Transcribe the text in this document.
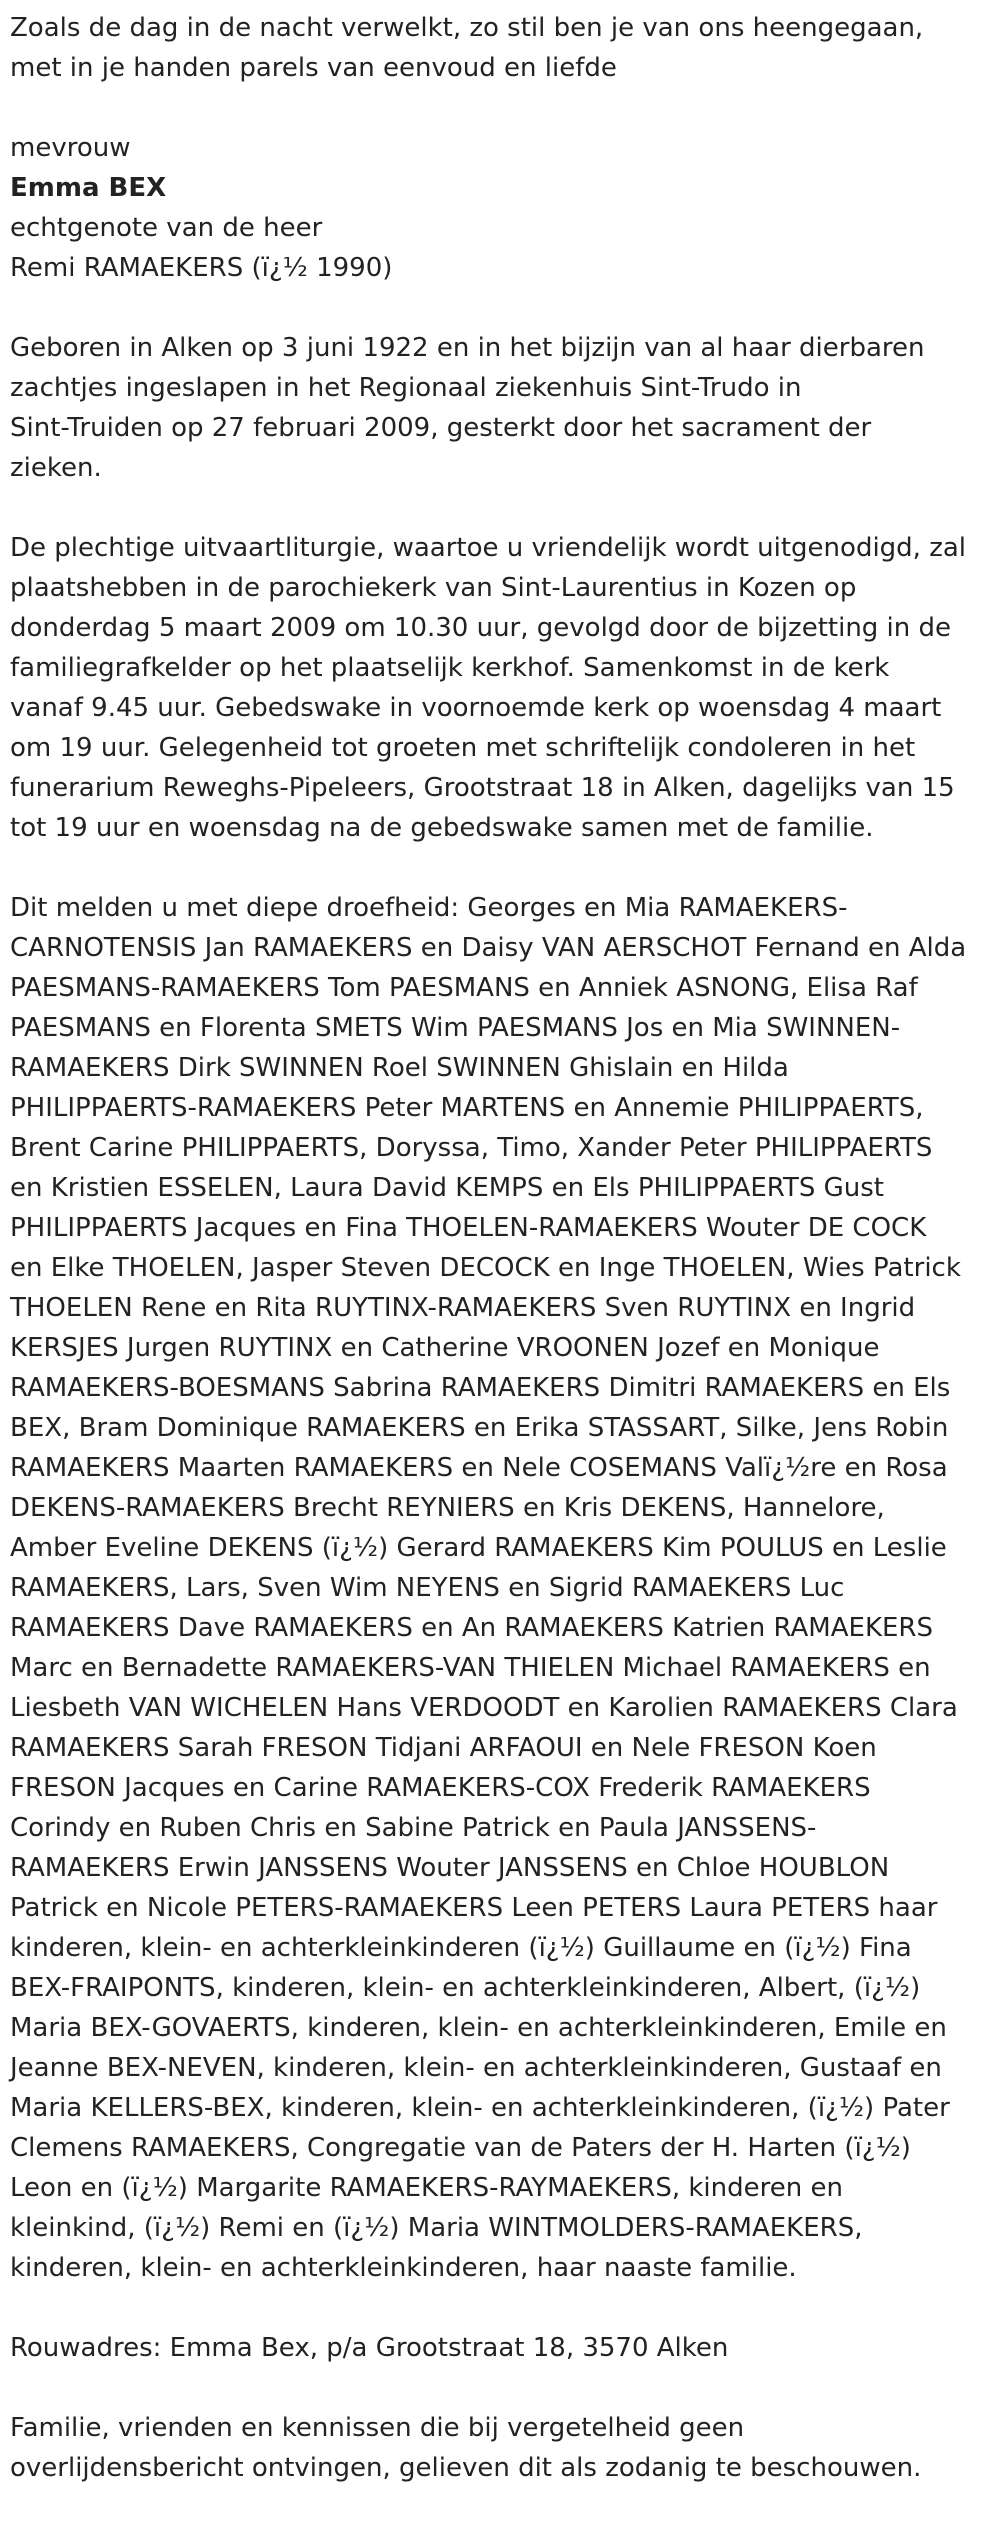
Zoals de dag in de nacht verwelkt, zo stil ben je van ons heengegaan,
met in je handen parels van eenvoud en liefde

mevrouw
Emma BEX
echtgenote van de heer
Remi RAMAEKERS (ï¿½ 1990)

Geboren in Alken op 3 juni 1922 en in het bijzijn van al haar dierbaren
zachtjes ingeslapen in het Regionaal ziekenhuis Sint-Trudo in
Sint-Truiden op 27 februari 2009, gesterkt door het sacrament der
zieken.

De plechtige uitvaartliturgie, waartoe u vriendelijk wordt uitgenodigd, zal
plaatshebben in de parochiekerk van Sint-Laurentius in Kozen op
donderdag 5 maart 2009 om 10.30 uur, gevolgd door de bijzetting in de
familiegrafkelder op het plaatselijk kerkhof. Samenkomst in de kerk
vanaf 9.45 uur. Gebedswake in voornoemde kerk op woensdag 4 maart
om 19 uur. Gelegenheid tot groeten met schriftelijk condoleren in het
funerarium Reweghs-Pipeleers, Grootstraat 18 in Alken, dagelijks van 15
tot 19 uur en woensdag na de gebedswake samen met de familie.

Dit melden u met diepe droefheid: Georges en Mia RAMAEKERS-
CARNOTENSIS Jan RAMAEKERS en Daisy VAN AERSCHOT Fernand en Alda
PAESMANS-RAMAEKERS Tom PAESMANS en Anniek ASNONG, Elisa Raf
PAESMANS en Florenta SMETS Wim PAESMANS Jos en Mia SWINNEN-
RAMAEKERS Dirk SWINNEN Roel SWINNEN Ghislain en Hilda
PHILIPPAERTS-RAMAEKERS Peter MARTENS en Annemie PHILIPPAERTS,
Brent Carine PHILIPPAERTS, Doryssa, Timo, Xander Peter PHILIPPAERTS
en Kristien ESSELEN, Laura David KEMPS en Els PHILIPPAERTS Gust
PHILIPPAERTS Jacques en Fina THOELEN-RAMAEKERS Wouter DE COCK
en Elke THOELEN, Jasper Steven DECOCK en Inge THOELEN, Wies Patrick
THOELEN Rene en Rita RUYTINX-RAMAEKERS Sven RUYTINX en Ingrid
KERSJES Jurgen RUYTINX en Catherine VROONEN Jozef en Monique
RAMAEKERS-BOESMANS Sabrina RAMAEKERS Dimitri RAMAEKERS en Els
BEX, Bram Dominique RAMAEKERS en Erika STASSART, Silke, Jens Robin
RAMAEKERS Maarten RAMAEKERS en Nele COSEMANS Valï¿½re en Rosa
DEKENS-RAMAEKERS Brecht REYNIERS en Kris DEKENS, Hannelore,
Amber Eveline DEKENS (ï¿½) Gerard RAMAEKERS Kim POULUS en Leslie
RAMAEKERS, Lars, Sven Wim NEYENS en Sigrid RAMAEKERS Luc
RAMAEKERS Dave RAMAEKERS en An RAMAEKERS Katrien RAMAEKERS
Marc en Bernadette RAMAEKERS-VAN THIELEN Michael RAMAEKERS en
Liesbeth VAN WICHELEN Hans VERDOODT en Karolien RAMAEKERS Clara
RAMAEKERS Sarah FRESON Tidjani ARFAOUI en Nele FRESON Koen
FRESON Jacques en Carine RAMAEKERS-COX Frederik RAMAEKERS
Corindy en Ruben Chris en Sabine Patrick en Paula JANSSENS-
RAMAEKERS Erwin JANSSENS Wouter JANSSENS en Chloe HOUBLON
Patrick en Nicole PETERS-RAMAEKERS Leen PETERS Laura PETERS haar
kinderen, klein- en achterkleinkinderen (ï¿½) Guillaume en (ï¿½) Fina
BEX-FRAIPONTS, kinderen, klein- en achterkleinkinderen, Albert, (ï¿½)
Maria BEX-GOVAERTS, kinderen, klein- en achterkleinkinderen, Emile en
Jeanne BEX-NEVEN, kinderen, klein- en achterkleinkinderen, Gustaaf en
Maria KELLERS-BEX, kinderen, klein- en achterkleinkinderen, (ï¿½) Pater
Clemens RAMAEKERS, Congregatie van de Paters der H. Harten (ï¿½)
Leon en (ï¿½) Margarite RAMAEKERS-RAYMAEKERS, kinderen en
kleinkind, (ï¿½) Remi en (ï¿½) Maria WINTMOLDERS-RAMAEKERS,
kinderen, klein- en achterkleinkinderen, haar naaste familie.

Rouwadres: Emma Bex, p/a Grootstraat 18, 3570 Alken

Familie, vrienden en kennissen die bij vergetelheid geen
overlijdensbericht ontvingen, gelieven dit als zodanig te beschouwen.
